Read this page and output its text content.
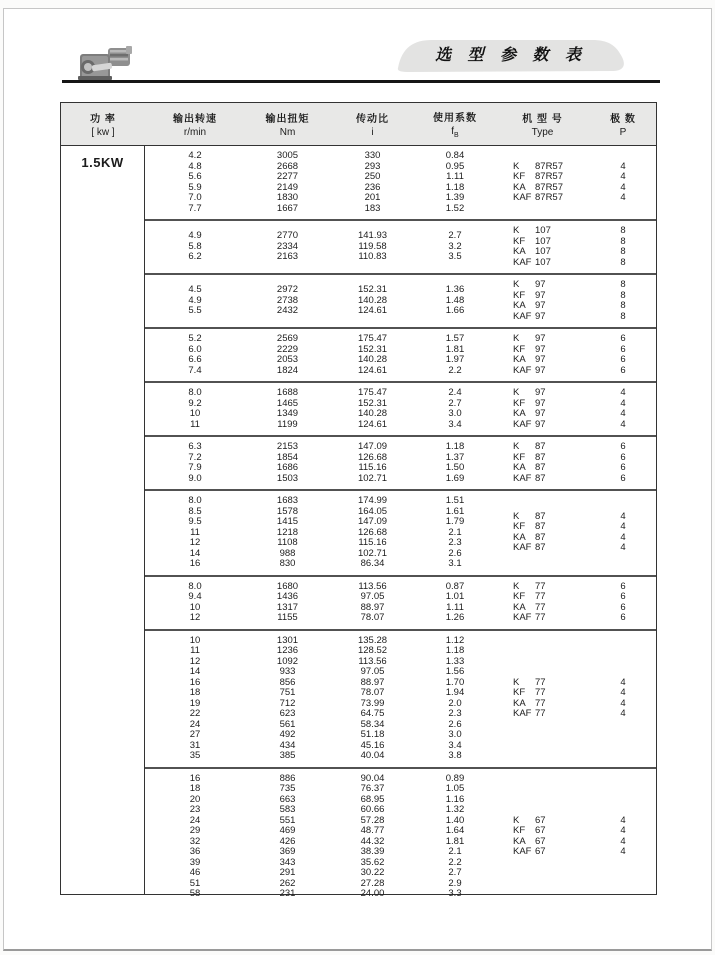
选 型 参 数 表
功 率
[ kw ]
输出转速
r/min
输出扭矩
Nm
传动比
i
使用系数
$f_B$
机 型 号
Type
极 数
P
1.5KW	4.2
4.8
5.6
5.9
7.0
7.7
3005
2668
2277
2149
1830
1667
330
293
250
236
201
183
0.84
0.95
1.11
1.18
1.39
1.52
K 87R57
KF 87R57
KA 87R57
KAF 87R57
4
4
4
4
4.9
5.8
6.2
2770
2334
2163
141.93
119.58
110.83
2.7
3.2
3.5
K 107
KF 107
KA 107
KAF 107
8
8
8
8
4.5
4.9
5.5
2972
2738
2432
152.31
140.28
124.61
1.36
1.48
1.66
K 97
KF 97
KA 97
KAF 97
8
8
8
8
5.2
6.0
6.6
7.4
2569
2229
2053
1824
175.47
152.31
140.28
124.61
1.57
1.81
1.97
2.2
K 97
KF 97
KA 97
KAF 97
6
6
6
6
8.0
9.2
10
11
1688
1465
1349
1199
175.47
152.31
140.28
124.61
2.4
2.7
3.0
3.4
K 97
KF 97
KA 97
KAF 97
4
4
4
4
6.3
7.2
7.9
9.0
2153
1854
1686
1503
147.09
126.68
115.16
102.71
1.18
1.37
1.50
1.69
K 87
KF 87
KA 87
KAF 87
6
6
6
6
8.0
8.5
9.5
11
12
14
16
1683
1578
1415
1218
1108
988
830
174.99
164.05
147.09
126.68
115.16
102.71
86.34
1.51
1.61
1.79
2.1
2.3
2.6
3.1
K 87
KF 87
KA 87
KAF 87
4
4
4
4
8.0
9.4
10
12
1680
1436
1317
1155
113.56
97.05
88.97
78.07
0.87
1.01
1.11
1.26
K 77
KF 77
KA 77
KAF 77
6
6
6
6
10
11
12
14
16
18
19
22
24
27
31
35
1301
1236
1092
933
856
751
712
623
561
492
434
385
135.28
128.52
113.56
97.05
88.97
78.07
73.99
64.75
58.34
51.18
45.16
40.04
1.12
1.18
1.33
1.56
1.70
1.94
2.0
2.3
2.6
3.0
3.4
3.8
K 77
KF 77
KA 77
KAF 77
4
4
4
4
16
18
20
23
24
29
32
36
39
46
51
58
886
735
663
583
551
469
426
369
343
291
262
231
90.04
76.37
68.95
60.66
57.28
48.77
44.32
38.39
35.62
30.22
27.28
24.00
0.89
1.05
1.16
1.32
1.40
1.64
1.81
2.1
2.2
2.7
2.9
3.3
K 67
KF 67
KA 67
KAF 67
4
4
4
4
